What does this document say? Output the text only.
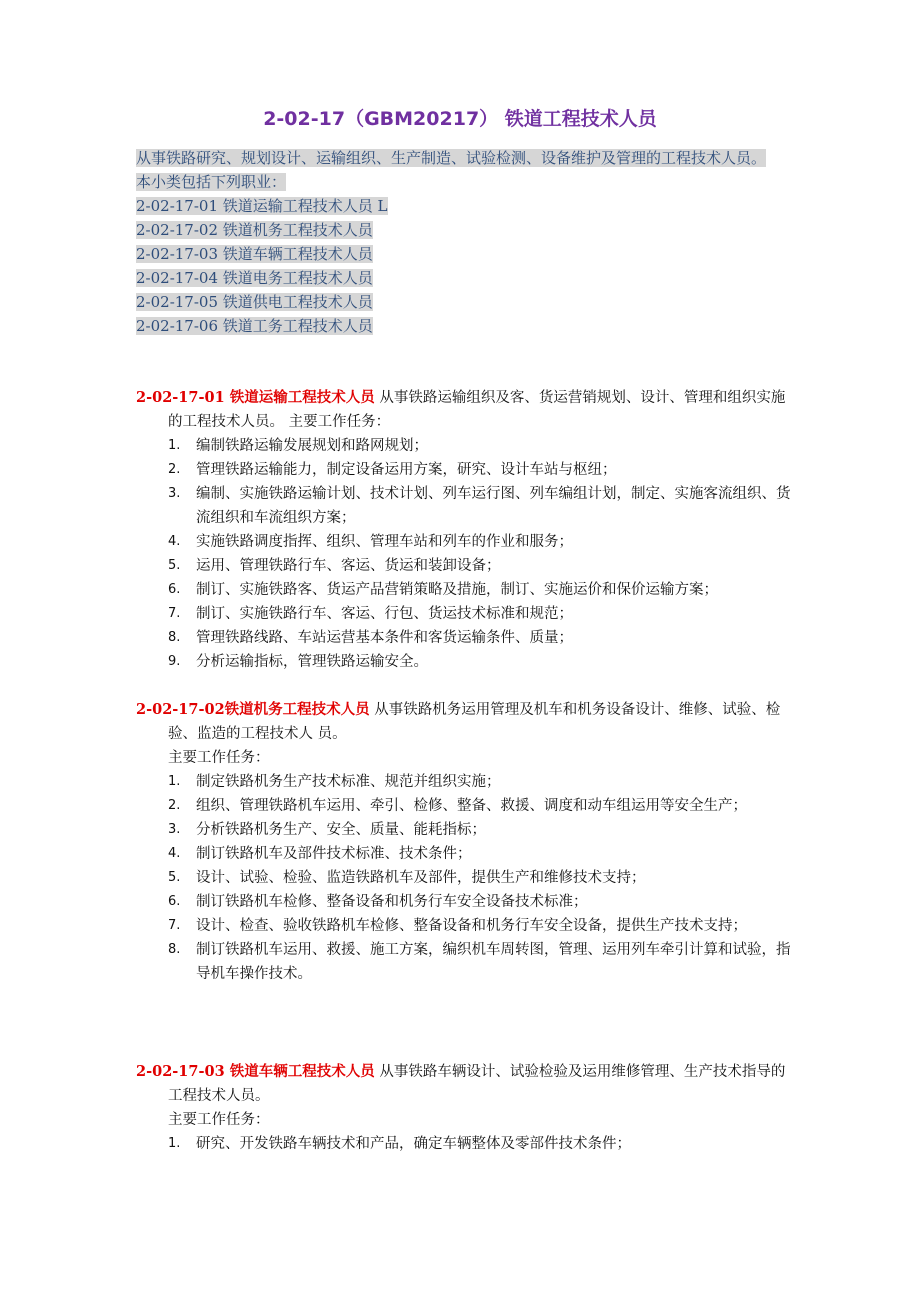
2-02-17（GBM20217） 铁道工程技术人员
从事铁路研究、规划设计、运输组织、生产制造、试验检测、设备维护及管理的工程技术人员。
本小类包括下列职业：
2-02-17-01 铁道运输工程技术人员 L
2-02-17-02 铁道机务工程技术人员
2-02-17-03 铁道车辆工程技术人员
2-02-17-04 铁道电务工程技术人员
2-02-17-05 铁道供电工程技术人员
2-02-17-06 铁道工务工程技术人员

2-02-17-01 铁道运输工程技术人员 从事铁路运输组织及客、货运营销规划、设计、管理和组织实施的工程技术人员。 主要工作任务：

1. 编制铁路运输发展规划和路网规划；
2. 管理铁路运输能力，制定设备运用方案，研究、设计车站与枢纽；
3. 编制、实施铁路运输计划、技术计划、列车运行图、列车编组计划，制定、实施客流组织、货流组织和车流组织方案；
4. 实施铁路调度指挥、组织、管理车站和列车的作业和服务；
5. 运用、管理铁路行车、客运、货运和装卸设备；
6. 制订、实施铁路客、货运产品营销策略及措施，制订、实施运价和保价运输方案；
7. 制订、实施铁路行车、客运、行包、货运技术标准和规范；
8. 管理铁路线路、车站运营基本条件和客货运输条件、质量；
9. 分析运输指标，管理铁路运输安全。

2-02-17-02铁道机务工程技术人员 从事铁路机务运用管理及机车和机务设备设计、维修、试验、检验、监造的工程技术人 员。

主要工作任务：

1. 制定铁路机务生产技术标准、规范并组织实施；
2. 组织、管理铁路机车运用、牵引、检修、整备、救援、调度和动车组运用等安全生产；
3. 分析铁路机务生产、安全、质量、能耗指标；
4. 制订铁路机车及部件技术标准、技术条件；
5. 设计、试验、检验、监造铁路机车及部件，提供生产和维修技术支持；
6. 制订铁路机车检修、整备设备和机务行车安全设备技术标准；
7. 设计、检查、验收铁路机车检修、整备设备和机务行车安全设备，提供生产技术支持；
8. 制订铁路机车运用、救援、施工方案，编织机车周转图，管理、运用列车牵引计算和试验，指导机车操作技术。

2-02-17-03 铁道车辆工程技术人员 从事铁路车辆设计、试验检验及运用维修管理、生产技术指导的工程技术人员。

主要工作任务：

1. 研究、开发铁路车辆技术和产品，确定车辆整体及零部件技术条件；
